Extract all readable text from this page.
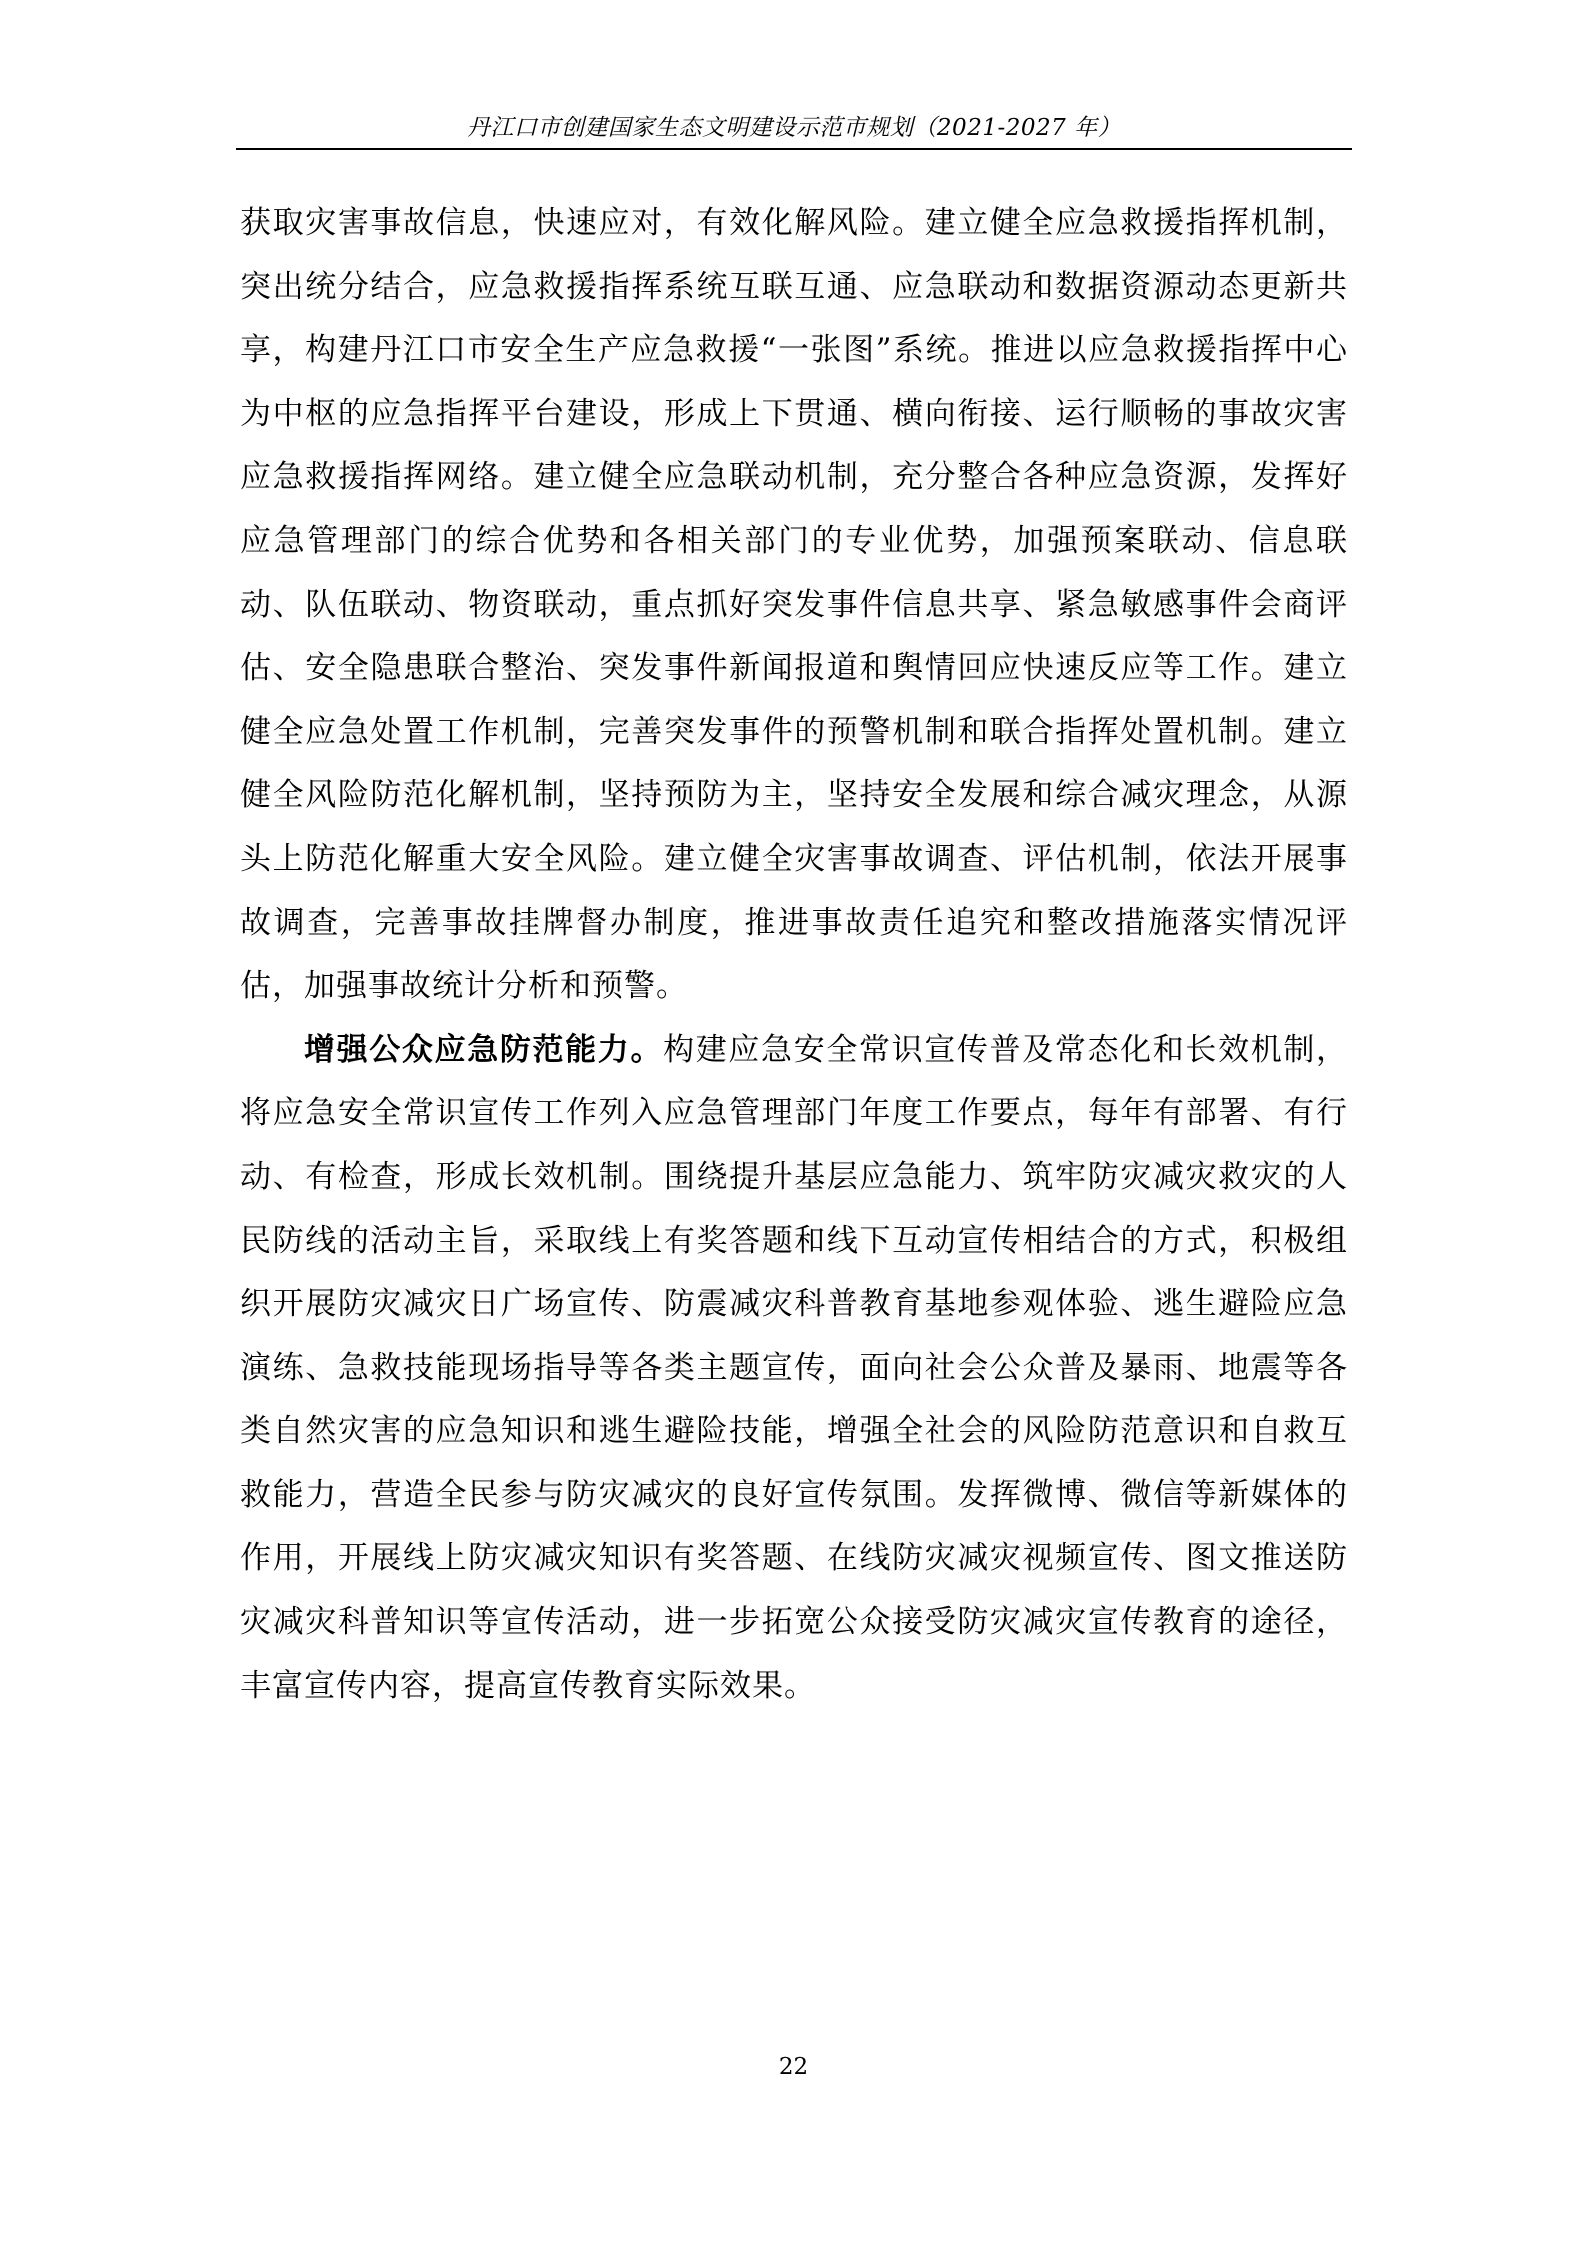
丹江口市创建国家生态文明建设示范市规划（2021-2027 年）

获取灾害事故信息，快速应对，有效化解风险。建立健全应急救援指挥机制，突出统分结合，应急救援指挥系统互联互通、应急联动和数据资源动态更新共享，构建丹江口市安全生产应急救援“一张图”系统。推进以应急救援指挥中心为中枢的应急指挥平台建设，形成上下贯通、横向衔接、运行顺畅的事故灾害应急救援指挥网络。建立健全应急联动机制，充分整合各种应急资源，发挥好应急管理部门的综合优势和各相关部门的专业优势，加强预案联动、信息联动、队伍联动、物资联动，重点抓好突发事件信息共享、紧急敏感事件会商评估、安全隐患联合整治、突发事件新闻报道和舆情回应快速反应等工作。建立健全应急处置工作机制，完善突发事件的预警机制和联合指挥处置机制。建立健全风险防范化解机制，坚持预防为主，坚持安全发展和综合减灾理念，从源头上防范化解重大安全风险。建立健全灾害事故调查、评估机制，依法开展事故调查，完善事故挂牌督办制度，推进事故责任追究和整改措施落实情况评估，加强事故统计分析和预警。

增强公众应急防范能力。构建应急安全常识宣传普及常态化和长效机制，将应急安全常识宣传工作列入应急管理部门年度工作要点，每年有部署、有行动、有检查，形成长效机制。围绕提升基层应急能力、筑牢防灾减灾救灾的人民防线的活动主旨，采取线上有奖答题和线下互动宣传相结合的方式，积极组织开展防灾减灾日广场宣传、防震减灾科普教育基地参观体验、逃生避险应急演练、急救技能现场指导等各类主题宣传，面向社会公众普及暴雨、地震等各类自然灾害的应急知识和逃生避险技能，增强全社会的风险防范意识和自救互救能力，营造全民参与防灾减灾的良好宣传氛围。发挥微博、微信等新媒体的作用，开展线上防灾减灾知识有奖答题、在线防灾减灾视频宣传、图文推送防灾减灾科普知识等宣传活动，进一步拓宽公众接受防灾减灾宣传教育的途径，丰富宣传内容，提高宣传教育实际效果。

22
